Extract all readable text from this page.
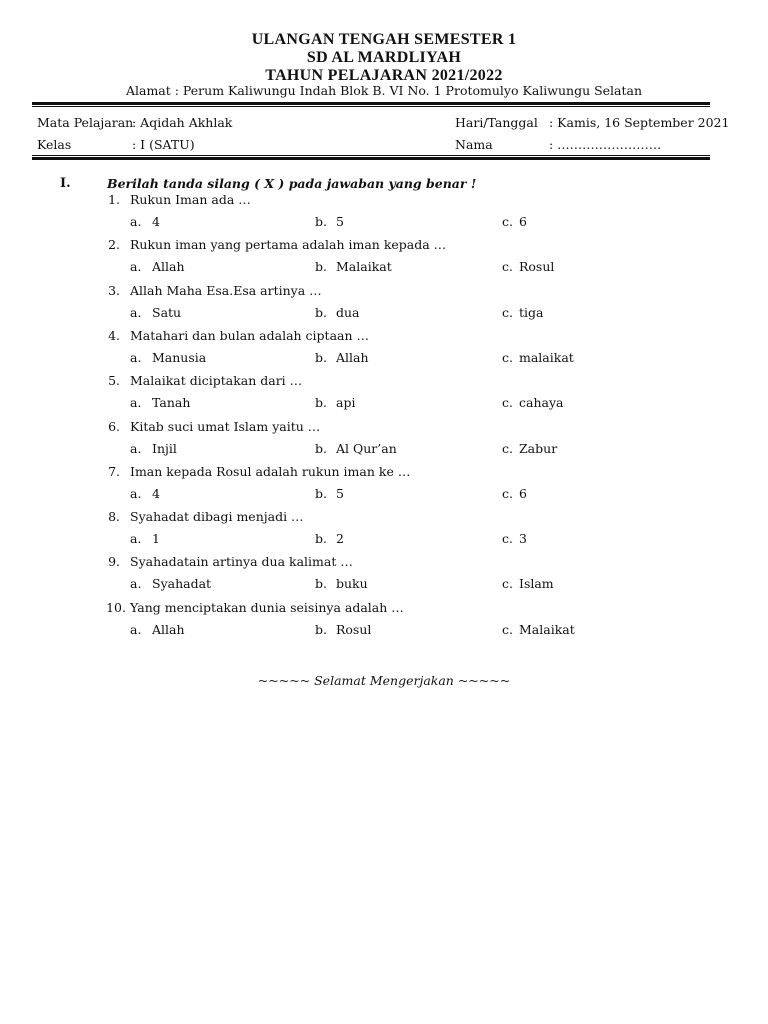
ULANGAN TENGAH SEMESTER 1
SD AL MARDLIYAH
TAHUN PELAJARAN 2021/2022
Alamat : Perum Kaliwungu Indah Blok B. VI No. 1 Protomulyo Kaliwungu Selatan
Mata Pelajaran
: Aqidah Akhlak	Hari/Tanggal : Kamis, 16 September 2021
Kelas	: I (SATU)	Nama	: …………………….
I.	Berilah tanda silang ( X ) pada jawaban yang benar !
1. Rukun Iman ada …
a. 4	b. 5	c. 6
2. Rukun iman yang pertama adalah iman kepada …
a. Allah	b. Malaikat	c. Rosul
3. Allah Maha Esa.Esa artinya …
a. Satu	b. dua	c. tiga
4. Matahari dan bulan adalah ciptaan …
a. Manusia	b. Allah	c. malaikat
5. Malaikat diciptakan dari …
a. Tanah	b. api	c. cahaya
6. Kitab suci umat Islam yaitu …
a. Injil	b. Al Qur’an	c. Zabur
7. Iman kepada Rosul adalah rukun iman ke …
a. 4	b. 5	c. 6
8. Syahadat dibagi menjadi …
a. 1	b. 2	c. 3
9. Syahadatain artinya dua kalimat …
a. Syahadat	b. buku	c. Islam
10. Yang menciptakan dunia seisinya adalah …
a. Allah	b. Rosul	c. Malaikat
~~~~~ Selamat Mengerjakan ~~~~~
